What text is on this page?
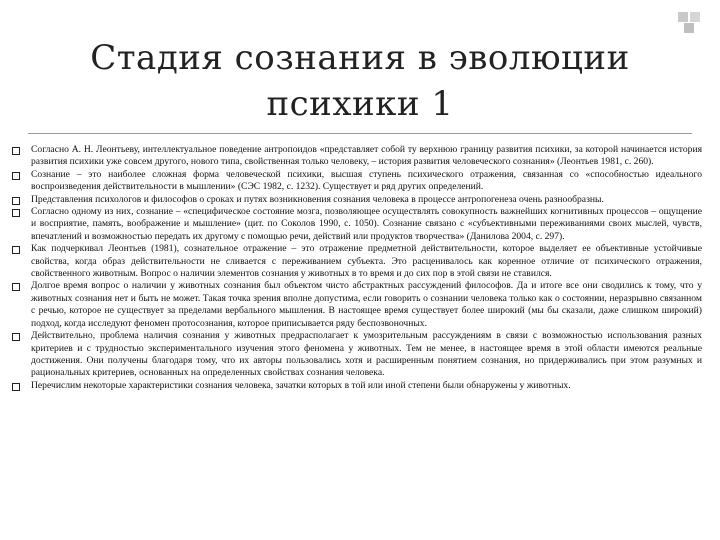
Стадия сознания в эволюции
психики 1
Согласно А. Н. Леонтьеву, интеллектуальное поведение антропоидов «представляет собой ту верхнюю границу развития психики, за которой начинается история развития психики уже совсем другого, нового типа, свойственная только человеку, – история развития человеческого сознания» (Леонтьев 1981, с. 260).
Сознание – это наиболее сложная форма человеческой психики, высшая ступень психического отражения, связанная со «способностью идеального воспроизведения действительности в мышлении» (СЭС 1982, с. 1232). Существует и ряд других определений.
Представления психологов и философов о сроках и путях возникновения сознания человека в процессе антропогенеза очень разнообразны.
Согласно одному из них, сознание – «специфическое состояние мозга, позволяющее осуществлять совокупность важнейших когнитивных процессов – ощущение и восприятие, память, воображение и мышление» (цит. по Соколов 1990, с. 1050). Сознание связано с «субъективными переживаниями своих мыслей, чувств, впечатлений и возможностью передать их другому с помощью речи, действий или продуктов творчества» (Данилова 2004, с. 297).
Как подчеркивал Леонтьев (1981), сознательное отражение – это отражение предметной действительности, которое выделяет ее объективные устойчивые свойства, когда образ действительности не сливается с переживанием субъекта. Это расценивалось как коренное отличие от психического отражения, свойственного животным. Вопрос о наличии элементов сознания у животных в то время и до сих пор в этой связи не ставился.
Долгое время вопрос о наличии у животных сознания был объектом чисто абстрактных рассуждений философов. Да и итоге все они сводились к тому, что у животных сознания нет и быть не может. Такая точка зрения вполне допустима, если говорить о сознании человека только как о состоянии, неразрывно связанном с речью, которое не существует за пределами вербального мышления. В настоящее время существует более широкий (мы бы сказали, даже слишком широкий) подход, когда исследуют феномен протосознания, которое приписывается ряду беспозвоночных.
Действительно, проблема наличия сознания у животных предрасполагает к умозрительным рассуждениям в связи с возможностью использования разных критериев и с трудностью экспериментального изучения этого феномена у животных. Тем не менее, в настоящее время в этой области имеются реальные достижения. Они получены благодаря тому, что их авторы пользовались хотя и расширенным понятием сознания, но придерживались при этом разумных и рациональных критериев, основанных на определенных свойствах сознания человека.
Перечислим некоторые характеристики сознания человека, зачатки которых в той или иной степени были обнаружены у животных.
